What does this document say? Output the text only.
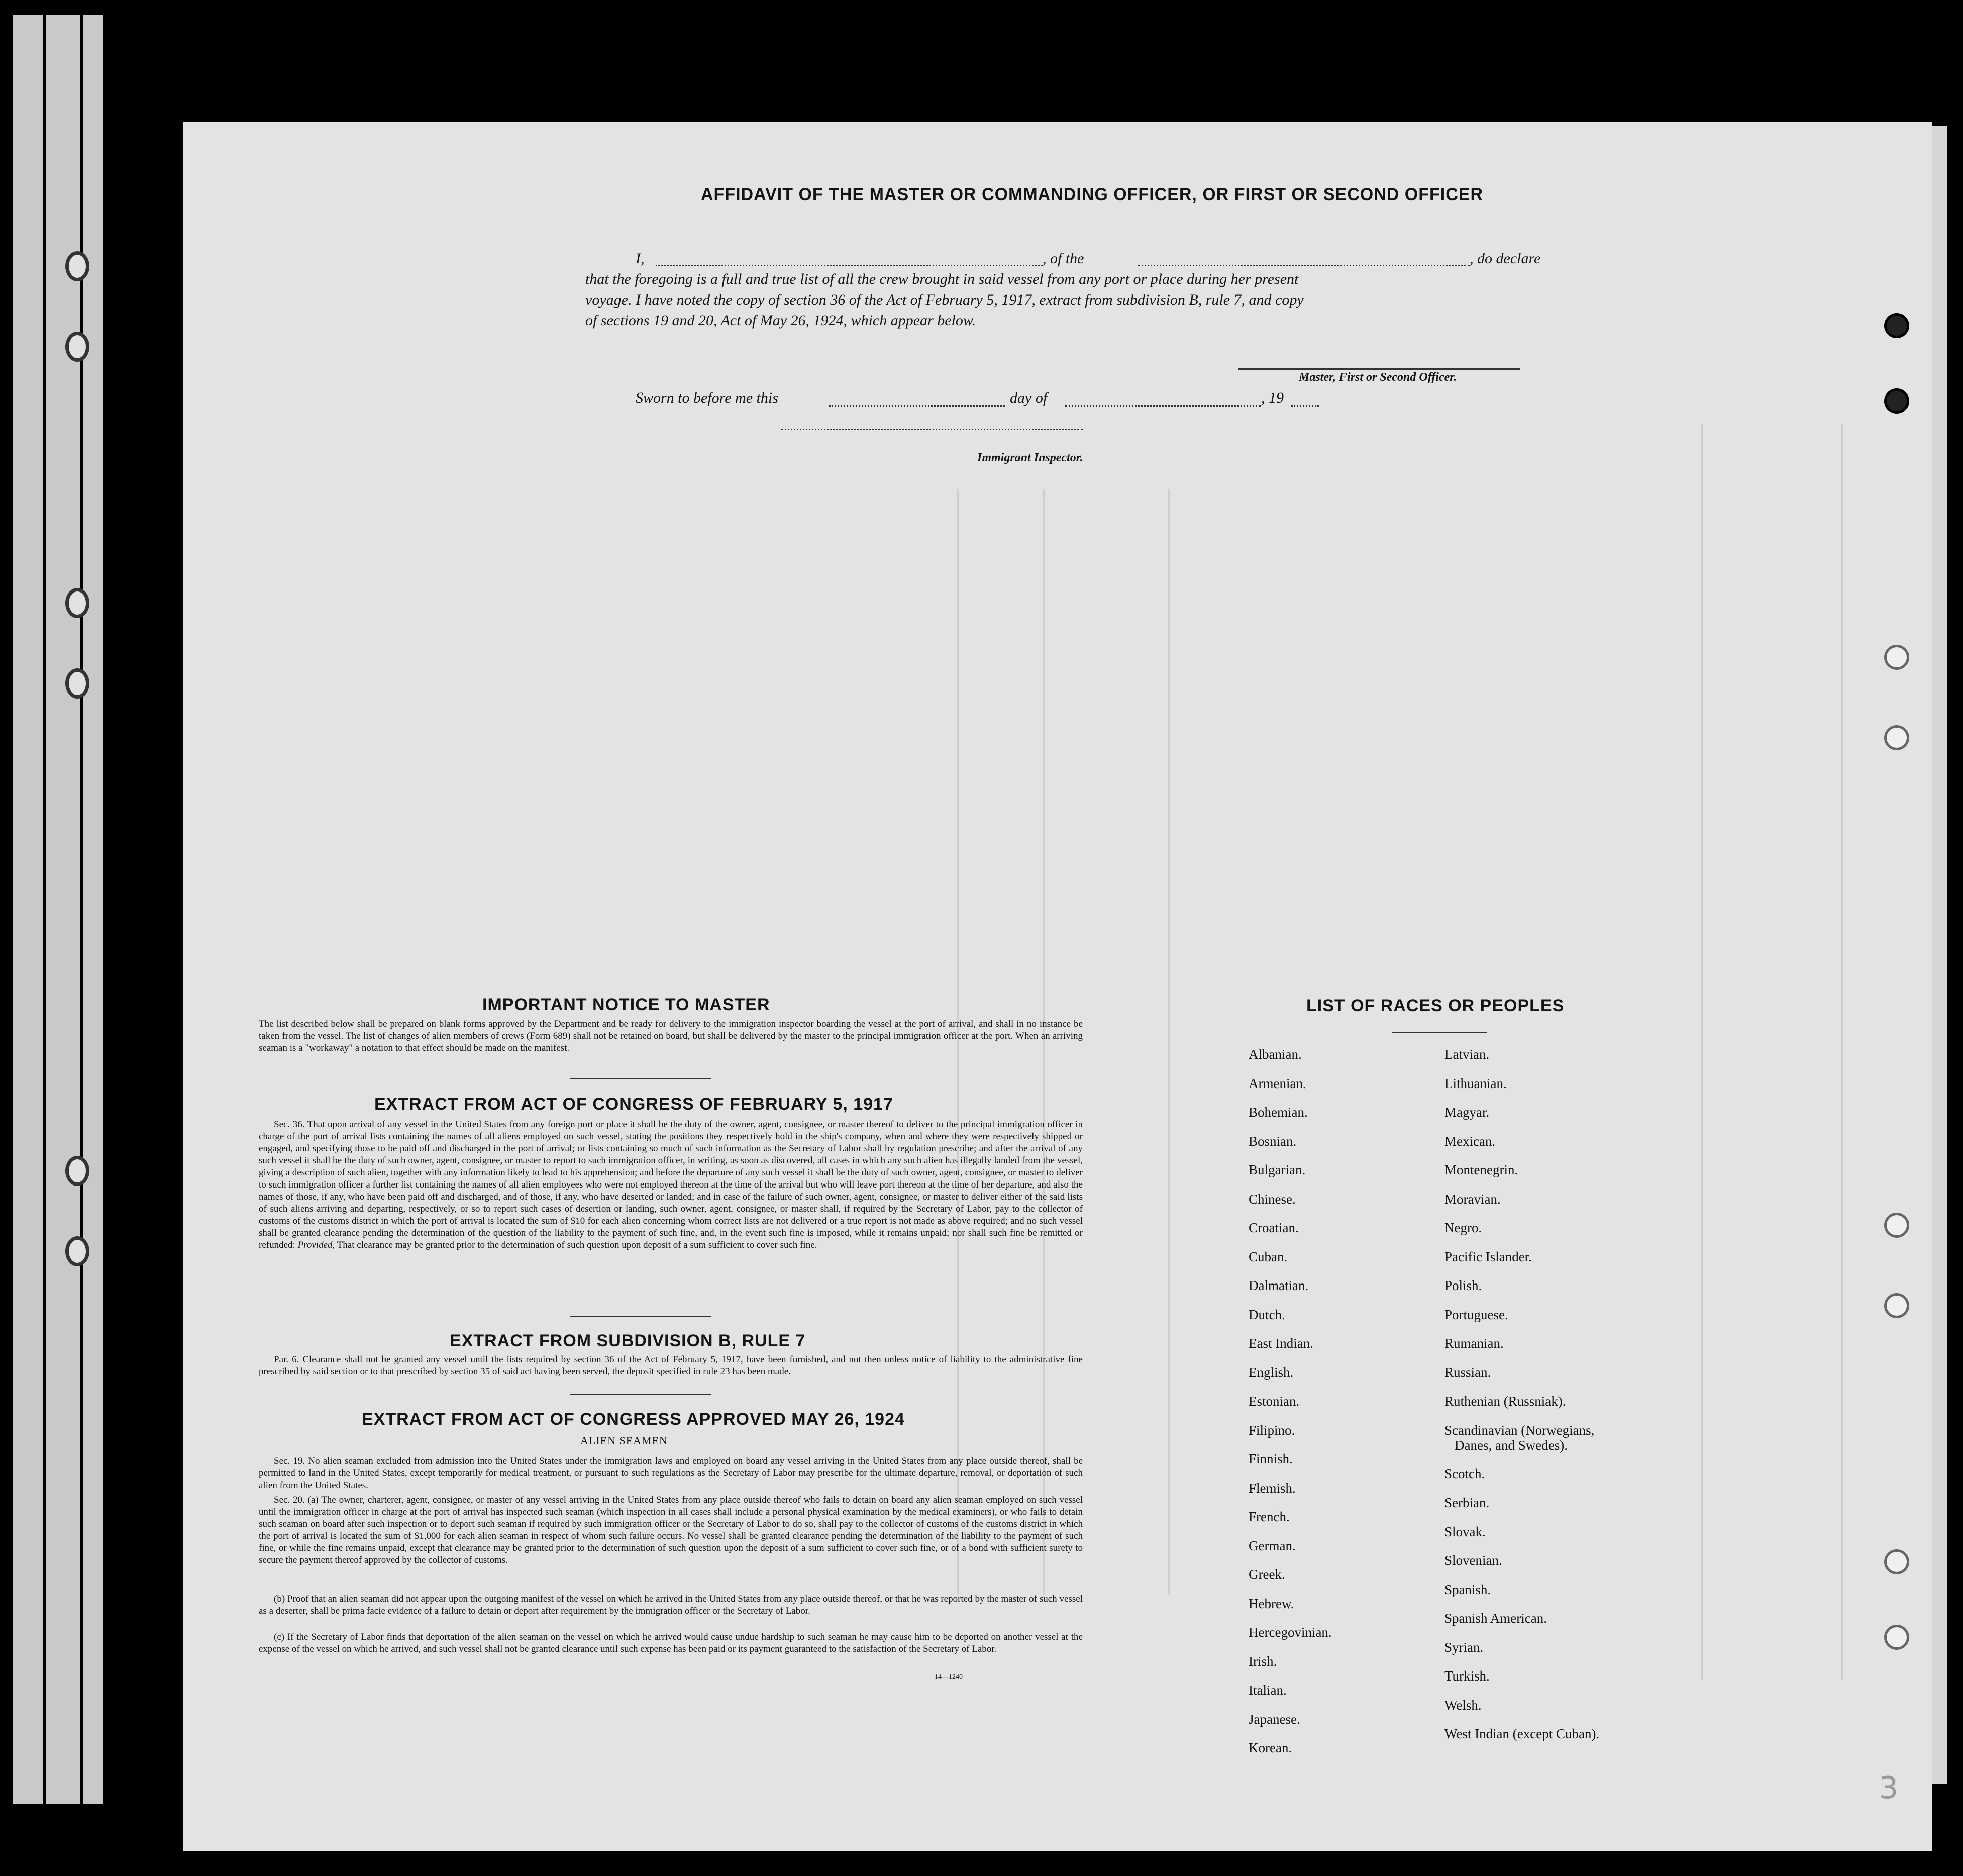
AFFIDAVIT OF THE MASTER OR COMMANDING OFFICER, OR FIRST OR SECOND OFFICER
I,	, of the	, do declare
that the foregoing is a full and true list of all the crew brought in said vessel from any port or place during her present
voyage. I have noted the copy of section 36 of the Act of February 5, 1917, extract from subdivision B, rule 7, and copy
of sections 19 and 20, Act of May 26, 1924, which appear below.
Master, First or Second Officer.
Sworn to before me this	day of	, 19
Immigrant Inspector.
IMPORTANT NOTICE TO MASTER
The list described below shall be prepared on blank forms approved by the Department and be ready for delivery to the immigration inspector boarding the vessel at the port of arrival, and shall in no instance be taken from the vessel. The list of changes of alien members of crews (Form 689) shall not be retained on board, but shall be delivered by the master to the principal immigration officer at the port. When an arriving seaman is a "workaway" a notation to that effect should be made on the manifest.
EXTRACT FROM ACT OF CONGRESS OF FEBRUARY 5, 1917
Sec. 36. That upon arrival of any vessel in the United States from any foreign port or place it shall be the duty of the owner, agent, consignee, or master thereof to deliver to the principal immigration officer in charge of the port of arrival lists containing the names of all aliens employed on such vessel, stating the positions they respectively hold in the ship's company, when and where they were respectively shipped or engaged, and specifying those to be paid off and discharged in the port of arrival; or lists containing so much of such information as the Secretary of Labor shall by regulation prescribe; and after the arrival of any such vessel it shall be the duty of such owner, agent, consignee, or master to report to such immigration officer, in writing, as soon as discovered, all cases in which any such alien has illegally landed from the vessel, giving a description of such alien, together with any information likely to lead to his apprehension; and before the departure of any such vessel it shall be the duty of such owner, agent, consignee, or master to deliver to such immigration officer a further list containing the names of all alien employees who were not employed thereon at the time of the arrival but who will leave port thereon at the time of her departure, and also the names of those, if any, who have been paid off and discharged, and of those, if any, who have deserted or landed; and in case of the failure of such owner, agent, consignee, or master to deliver either of the said lists of such aliens arriving and departing, respectively, or so to report such cases of desertion or landing, such owner, agent, consignee, or master shall, if required by the Secretary of Labor, pay to the collector of customs of the customs district in which the port of arrival is located the sum of $10 for each alien concerning whom correct lists are not delivered or a true report is not made as above required; and no such vessel shall be granted clearance pending the determination of the question of the liability to the payment of such fine, and, in the event such fine is imposed, while it remains unpaid; nor shall such fine be remitted or refunded: Provided, That clearance may be granted prior to the determination of such question upon deposit of a sum sufficient to cover such fine.
EXTRACT FROM SUBDIVISION B, RULE 7
Par. 6. Clearance shall not be granted any vessel until the lists required by section 36 of the Act of February 5, 1917, have been furnished, and not then unless notice of liability to the administrative fine prescribed by said section or to that prescribed by section 35 of said act having been served, the deposit specified in rule 23 has been made.
EXTRACT FROM ACT OF CONGRESS APPROVED MAY 26, 1924
ALIEN SEAMEN
Sec. 19. No alien seaman excluded from admission into the United States under the immigration laws and employed on board any vessel arriving in the United States from any place outside thereof, shall be permitted to land in the United States, except temporarily for medical treatment, or pursuant to such regulations as the Secretary of Labor may prescribe for the ultimate departure, removal, or deportation of such alien from the United States.
Sec. 20. (a) The owner, charterer, agent, consignee, or master of any vessel arriving in the United States from any place outside thereof who fails to detain on board any alien seaman employed on such vessel until the immigration officer in charge at the port of arrival has inspected such seaman (which inspection in all cases shall include a personal physical examination by the medical examiners), or who fails to detain such seaman on board after such inspection or to deport such seaman if required by such immigration officer or the Secretary of Labor to do so, shall pay to the collector of customs of the customs district in which the port of arrival is located the sum of $1,000 for each alien seaman in respect of whom such failure occurs. No vessel shall be granted clearance pending the determination of the liability to the payment of such fine, or while the fine remains unpaid, except that clearance may be granted prior to the determination of such question upon the deposit of a sum sufficient to cover such fine, or of a bond with sufficient surety to secure the payment thereof approved by the collector of customs.
(b) Proof that an alien seaman did not appear upon the outgoing manifest of the vessel on which he arrived in the United States from any place outside thereof, or that he was reported by the master of such vessel as a deserter, shall be prima facie evidence of a failure to detain or deport after requirement by the immigration officer or the Secretary of Labor.
(c) If the Secretary of Labor finds that deportation of the alien seaman on the vessel on which he arrived would cause undue hardship to such seaman he may cause him to be deported on another vessel at the expense of the vessel on which he arrived, and such vessel shall not be granted clearance until such expense has been paid or its payment guaranteed to the satisfaction of the Secretary of Labor.
14—1240
LIST OF RACES OR PEOPLES
Albanian.
Armenian.
Bohemian.
Bosnian.
Bulgarian.
Chinese.
Croatian.
Cuban.
Dalmatian.
Dutch.
East Indian.
English.
Estonian.
Filipino.
Finnish.
Flemish.
French.
German.
Greek.
Hebrew.
Hercegovinian.
Irish.
Italian.
Japanese.
Korean.
Latvian.
Lithuanian.
Magyar.
Mexican.
Montenegrin.
Moravian.
Negro.
Pacific Islander.
Polish.
Portuguese.
Rumanian.
Russian.
Ruthenian (Russniak).
Scandinavian (Norwegians,
Danes, and Swedes).
Scotch.
Serbian.
Slovak.
Slovenian.
Spanish.
Spanish American.
Syrian.
Turkish.
Welsh.
West Indian (except Cuban).
3
